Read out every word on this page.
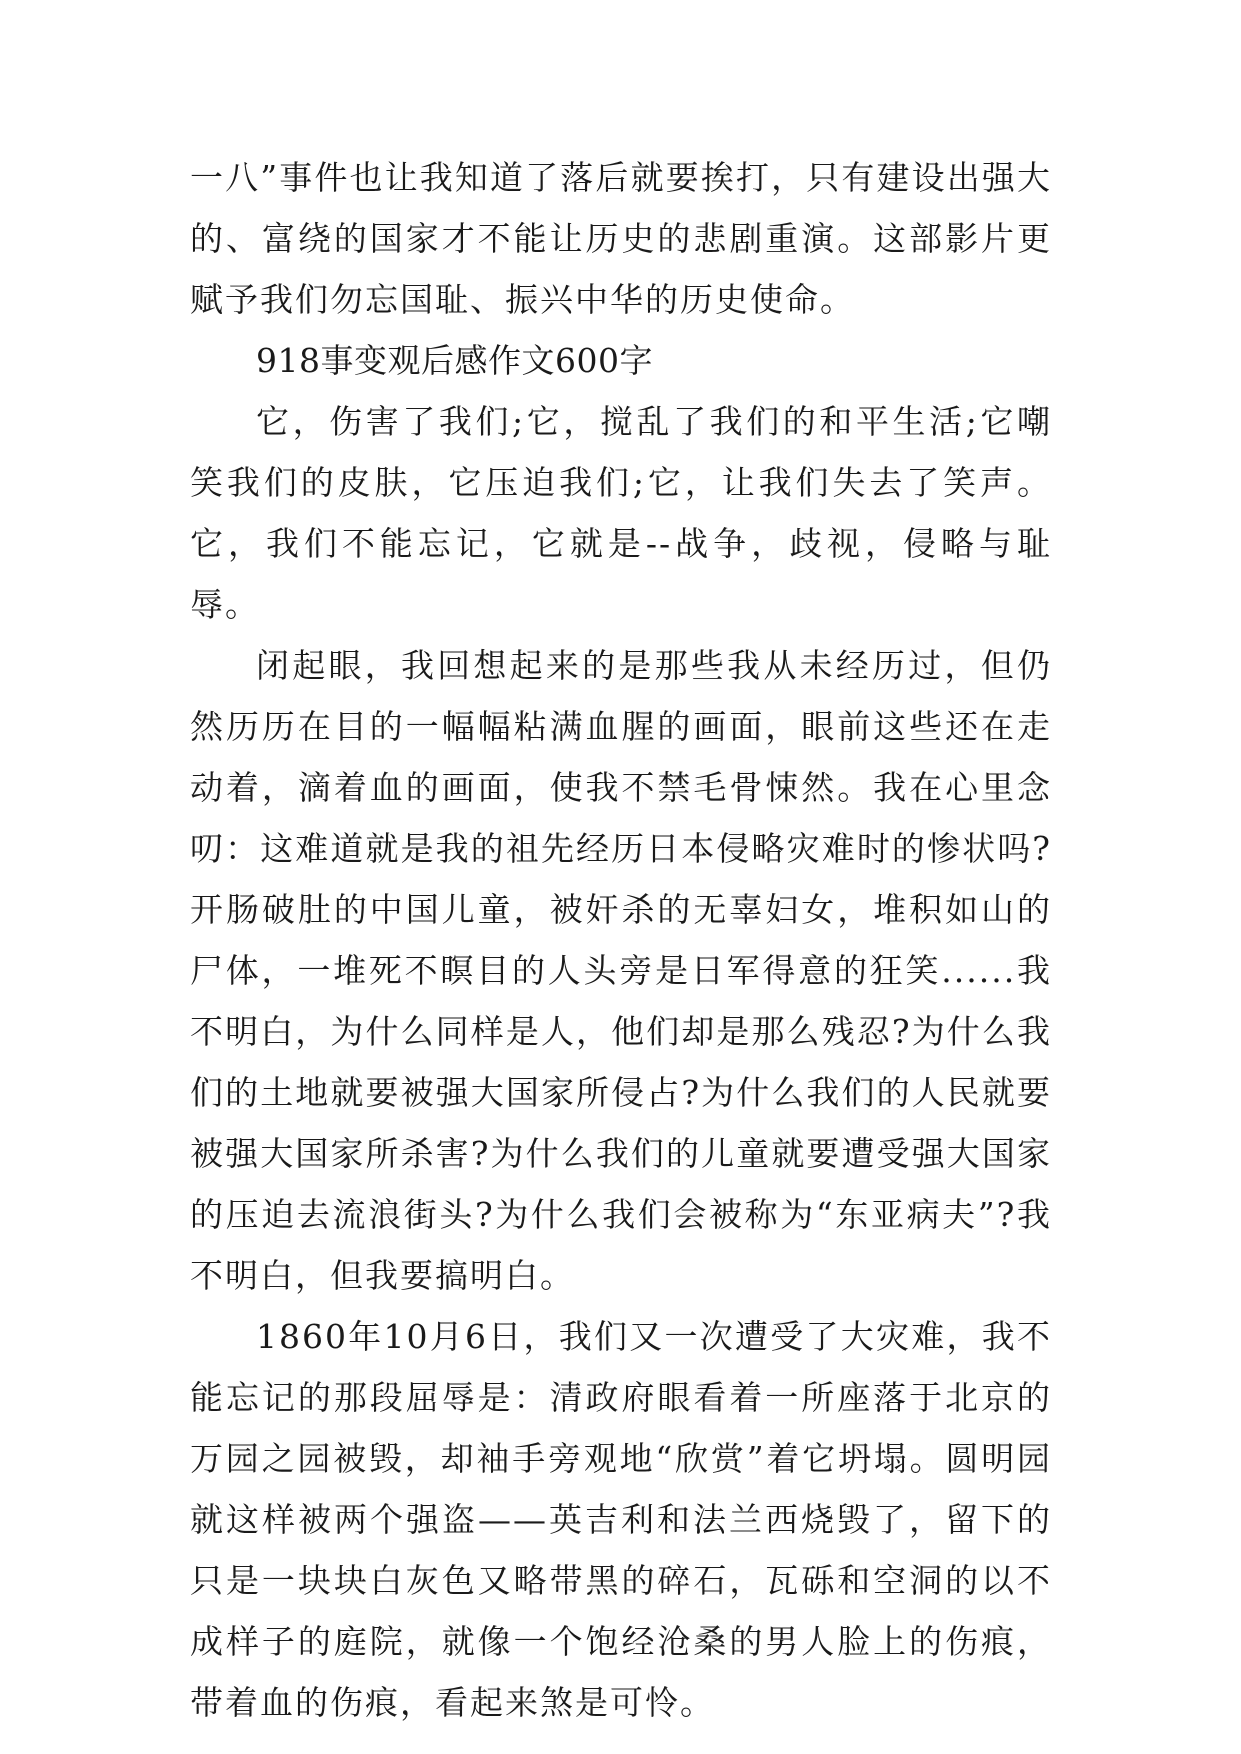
一八”事件也让我知道了落后就要挨打，只有建设出强大的、富绕的国家才不能让历史的悲剧重演。这部影片更赋予我们勿忘国耻、振兴中华的历史使命。

918事变观后感作文600字

它，伤害了我们;它，搅乱了我们的和平生活;它嘲笑我们的皮肤，它压迫我们;它，让我们失去了笑声。它，我们不能忘记，它就是--战争，歧视，侵略与耻辱。

闭起眼，我回想起来的是那些我从未经历过，但仍然历历在目的一幅幅粘满血腥的画面，眼前这些还在走动着，滴着血的画面，使我不禁毛骨悚然。我在心里念叨：这难道就是我的祖先经历日本侵略灾难时的惨状吗?开肠破肚的中国儿童，被奸杀的无辜妇女，堆积如山的尸体，一堆死不瞑目的人头旁是日军得意的狂笑......我不明白，为什么同样是人，他们却是那么残忍?为什么我们的土地就要被强大国家所侵占?为什么我们的人民就要被强大国家所杀害?为什么我们的儿童就要遭受强大国家的压迫去流浪街头?为什么我们会被称为“东亚病夫”?我不明白，但我要搞明白。

1860年10月6日，我们又一次遭受了大灾难，我不能忘记的那段屈辱是：清政府眼看着一所座落于北京的万园之园被毁，却袖手旁观地“欣赏”着它坍塌。圆明园就这样被两个强盗——英吉利和法兰西烧毁了，留下的只是一块块白灰色又略带黑的碎石，瓦砾和空洞的以不成样子的庭院，就像一个饱经沧桑的男人脸上的伤痕，带着血的伤痕，看起来煞是可怜。
